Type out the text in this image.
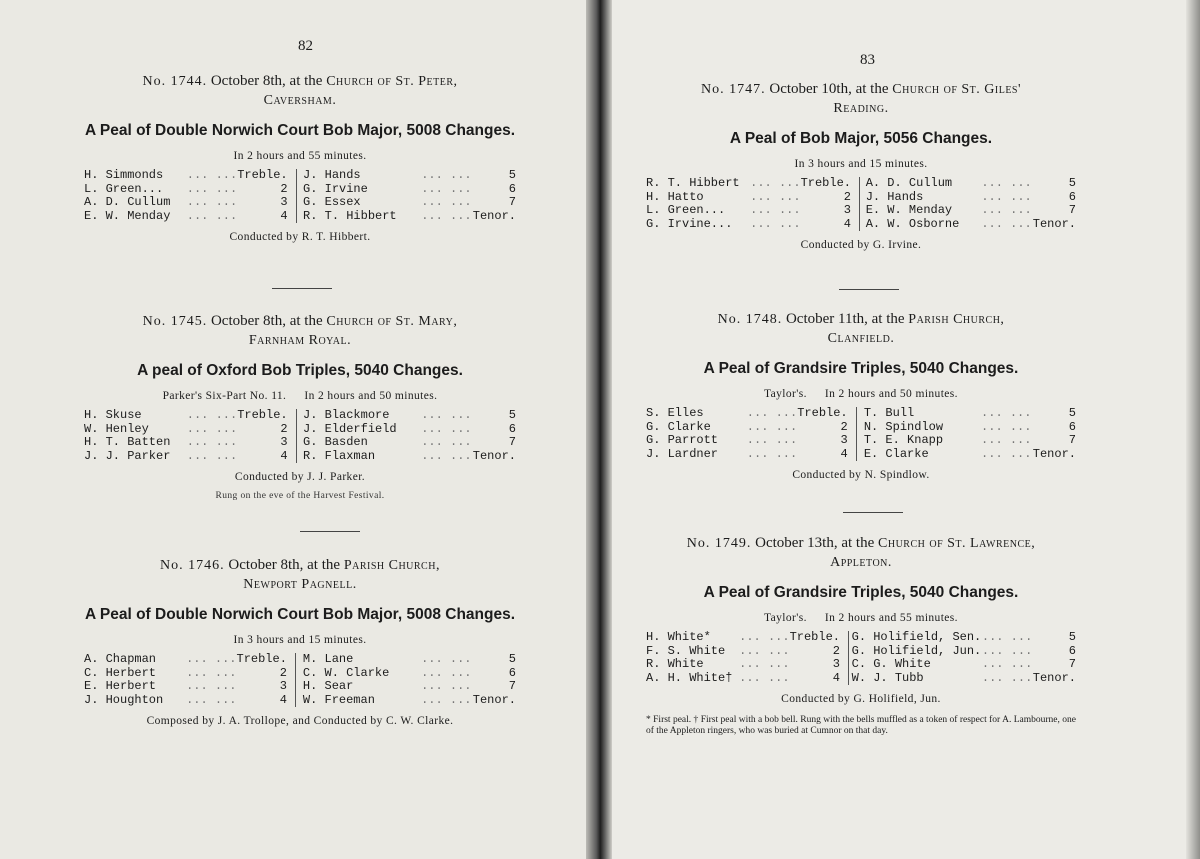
82
No. 1744. October 8th, at the Church of St. Peter,
Caversham.
A Peal of Double Norwich Court Bob Major, 5008 Changes.
In 2 hours and 55 minutes.
H. Simmonds	... ...	Treble.		J. Hands	... ...	5
L. Green...	... ...	2		G. Irvine	... ...	6
A. D. Cullum	... ...	3		G. Essex	... ...	7
E. W. Menday	... ...	4		R. T. Hibbert	... ...	Tenor.
Conducted by R. T. Hibbert.
No. 1745. October 8th, at the Church of St. Mary,
Farnham Royal.
A peal of Oxford Bob Triples, 5040 Changes.
Parker's Six-Part No. 11. In 2 hours and 50 minutes.
H. Skuse	... ...	Treble.		J. Blackmore	... ...	5
W. Henley	... ...	2		J. Elderfield	... ...	6
H. T. Batten	... ...	3		G. Basden	... ...	7
J. J. Parker	... ...	4		R. Flaxman	... ...	Tenor.
Conducted by J. J. Parker.
Rung on the eve of the Harvest Festival.
No. 1746. October 8th, at the Parish Church,
Newport Pagnell.
A Peal of Double Norwich Court Bob Major, 5008 Changes.
In 3 hours and 15 minutes.
A. Chapman	... ...	Treble.		M. Lane	... ...	5
C. Herbert	... ...	2		C. W. Clarke	... ...	6
E. Herbert	... ...	3		H. Sear	... ...	7
J. Houghton	... ...	4		W. Freeman	... ...	Tenor.
Composed by J. A. Trollope, and Conducted by C. W. Clarke.
83
No. 1747. October 10th, at the Church of St. Giles'
Reading.
A Peal of Bob Major, 5056 Changes.
In 3 hours and 15 minutes.
R. T. Hibbert	... ...	Treble.		A. D. Cullum	... ...	5
H. Hatto	... ...	2		J. Hands	... ...	6
L. Green...	... ...	3		E. W. Menday	... ...	7
G. Irvine...	... ...	4		A. W. Osborne	... ...	Tenor.
Conducted by G. Irvine.
No. 1748. October 11th, at the Parish Church,
Clanfield.
A Peal of Grandsire Triples, 5040 Changes.
Taylor's. In 2 hours and 50 minutes.
S. Elles	... ...	Treble.		T. Bull	... ...	5
G. Clarke	... ...	2		N. Spindlow	... ...	6
G. Parrott	... ...	3		T. E. Knapp	... ...	7
J. Lardner	... ...	4		E. Clarke	... ...	Tenor.
Conducted by N. Spindlow.
No. 1749. October 13th, at the Church of St. Lawrence,
Appleton.
A Peal of Grandsire Triples, 5040 Changes.
Taylor's. In 2 hours and 55 minutes.
H. White*	... ...	Treble.		G. Holifield, Sen.	... ...	5
F. S. White	... ...	2		G. Holifield, Jun.	... ...	6
R. White	... ...	3		C. G. White	... ...	7
A. H. White†	... ...	4		W. J. Tubb	... ...	Tenor.
Conducted by G. Holifield, Jun.
* First peal. † First peal with a bob bell. Rung with the bells muffled as a token of respect for A. Lambourne, one of the Appleton ringers, who was buried at Cumnor on that day.
